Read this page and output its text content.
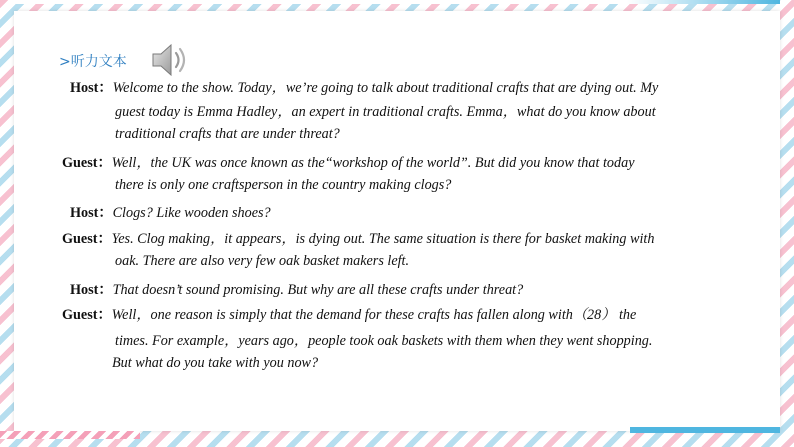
>听力文本
Host：Welcome to the show. Today，we’re going to talk about traditional crafts that are dying out. My
guest today is Emma Hadley，an expert in traditional crafts. Emma，what do you know about
traditional crafts that are under threat?
Guest：Well，the UK was once known as the“workshop of the world”. But did you know that today
there is only one craftsperson in the country making clogs?
Host：Clogs? Like wooden shoes?
Guest：Yes. Clog making，it appears，is dying out. The same situation is there for basket making with
oak. There are also very few oak basket makers left.
Host：That doesn’t sound promising. But why are all these crafts under threat?
Guest：Well，one reason is simply that the demand for these crafts has fallen along with（28） the
times. For example，years ago，people took oak baskets with them when they went shopping.
But what do you take with you now?
